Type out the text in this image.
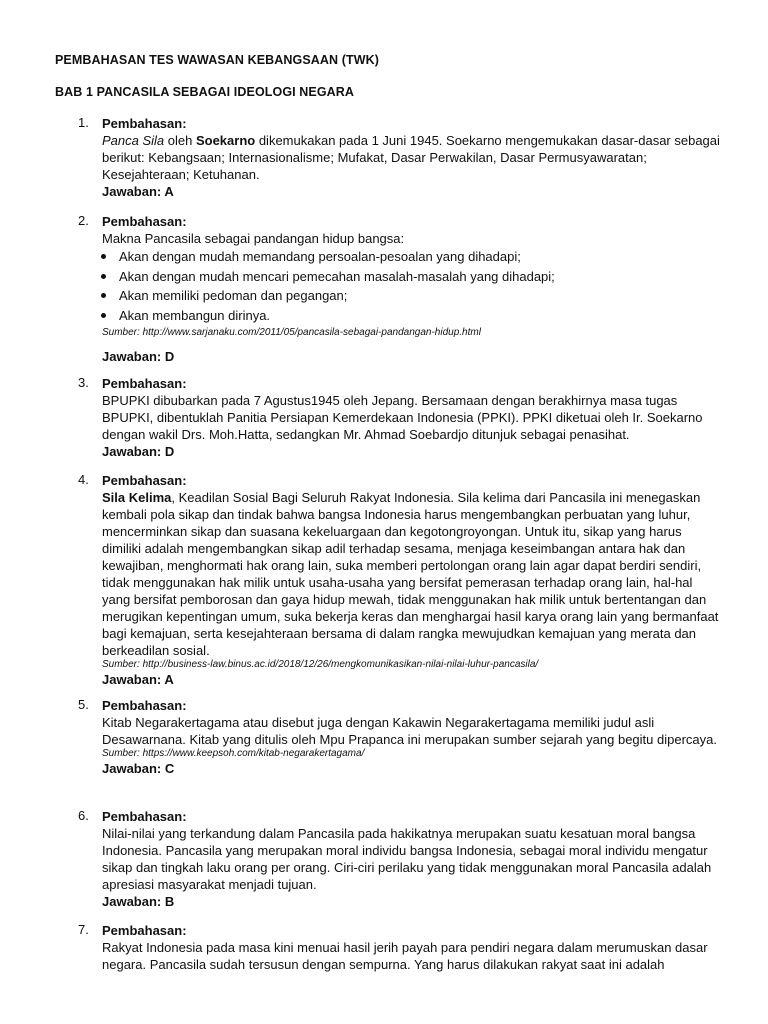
PEMBAHASAN TES WAWASAN KEBANGSAAN (TWK)
BAB 1 PANCASILA SEBAGAI IDEOLOGI NEGARA
1. Pembahasan:

Panca Sila oleh Soekarno dikemukakan pada 1 Juni 1945. Soekarno mengemukakan dasar-dasar sebagai berikut: Kebangsaan; Internasionalisme; Mufakat, Dasar Perwakilan, Dasar Permusyawaratan; Kesejahteraan; Ketuhanan.

Jawaban: A
2. Pembahasan:
Makna Pancasila sebagai pandangan hidup bangsa:
Akan dengan mudah memandang persoalan-pesoalan yang dihadapi;
Akan dengan mudah mencari pemecahan masalah-masalah yang dihadapi;
Akan memiliki pedoman dan pegangan;
Akan membangun dirinya.

Sumber: http://www.sarjanaku.com/2011/05/pancasila-sebagai-pandangan-hidup.html

Jawaban: D
3. Pembahasan:

BPUPKI dibubarkan pada 7 Agustus1945 oleh Jepang. Bersamaan dengan berakhirnya masa tugas BPUPKI, dibentuklah Panitia Persiapan Kemerdekaan Indonesia (PPKI). PPKI diketuai oleh Ir. Soekarno dengan wakil Drs. Moh.Hatta, sedangkan Mr. Ahmad Soebardjo ditunjuk sebagai penasihat.

Jawaban: D
4. Pembahasan:

Sila Kelima, Keadilan Sosial Bagi Seluruh Rakyat Indonesia. Sila kelima dari Pancasila ini menegaskan kembali pola sikap dan tindak bahwa bangsa Indonesia harus mengembangkan perbuatan yang luhur, mencerminkan sikap dan suasana kekeluargaan dan kegotongroyongan. Untuk itu, sikap yang harus dimiliki adalah mengembangkan sikap adil terhadap sesama, menjaga keseimbangan antara hak dan kewajiban, menghormati hak orang lain, suka memberi pertolongan orang lain agar dapat berdiri sendiri, tidak menggunakan hak milik untuk usaha-usaha yang bersifat pemerasan terhadap orang lain, hal-hal yang bersifat pemborosan dan gaya hidup mewah, tidak menggunakan hak milik untuk bertentangan dan merugikan kepentingan umum, suka bekerja keras dan menghargai hasil karya orang lain yang bermanfaat bagi kemajuan, serta kesejahteraan bersama di dalam rangka mewujudkan kemajuan yang merata dan berkeadilan sosial.

Sumber: http://business-law.binus.ac.id/2018/12/26/mengkomunikasikan-nilai-nilai-luhur-pancasila/

Jawaban: A
5. Pembahasan:

Kitab Negarakertagama atau disebut juga dengan Kakawin Negarakertagama memiliki judul asli Desawarnana. Kitab yang ditulis oleh Mpu Prapanca ini merupakan sumber sejarah yang begitu dipercaya.

Sumber: https://www.keepsoh.com/kitab-negarakertagama/

Jawaban: C
6. Pembahasan:

Nilai-nilai yang terkandung dalam Pancasila pada hakikatnya merupakan suatu kesatuan moral bangsa Indonesia. Pancasila yang merupakan moral individu bangsa Indonesia, sebagai moral individu mengatur sikap dan tingkah laku orang per orang. Ciri-ciri perilaku yang tidak menggunakan moral Pancasila adalah apresiasi masyarakat menjadi tujuan.

Jawaban: B
7. Pembahasan:

Rakyat Indonesia pada masa kini menuai hasil jerih payah para pendiri negara dalam merumuskan dasar negara. Pancasila sudah tersusun dengan sempurna. Yang harus dilakukan rakyat saat ini adalah
